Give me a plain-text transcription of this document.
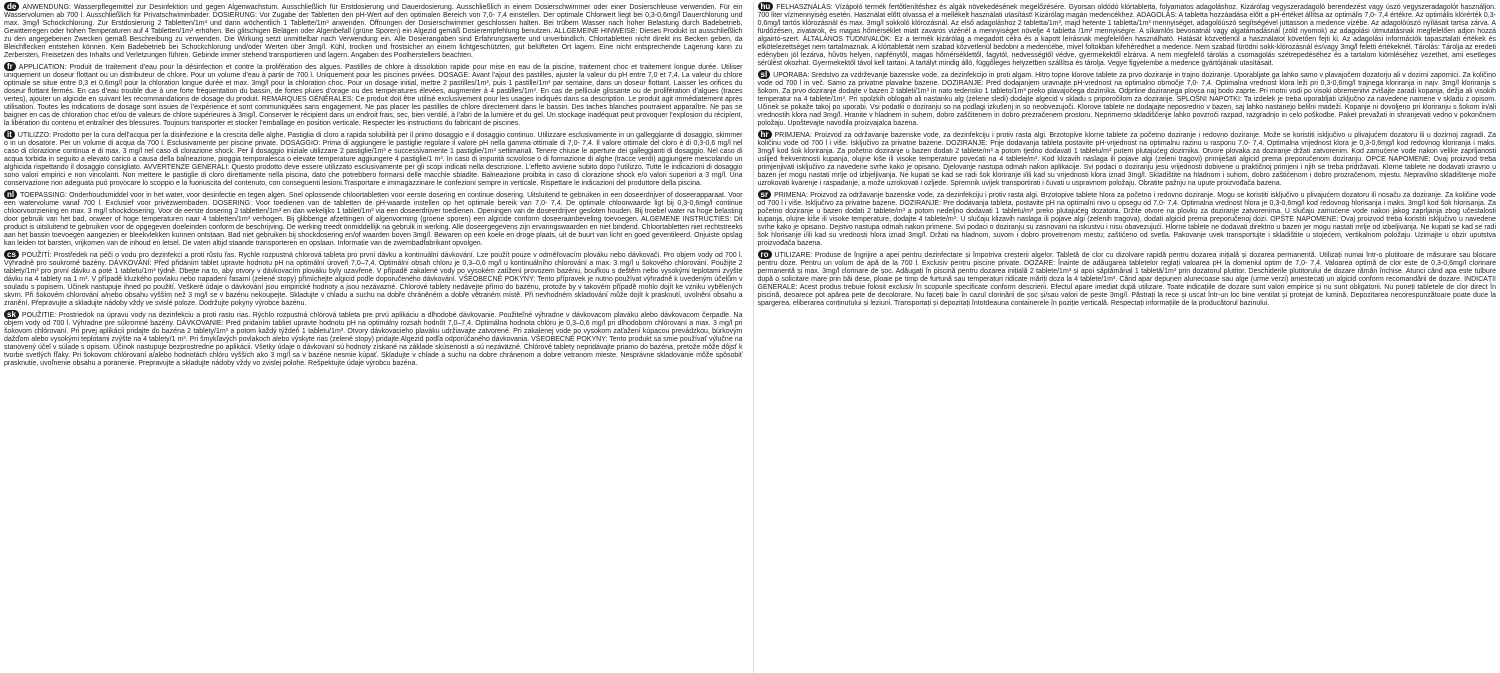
de ANWENDUNG: Wasserpflegemittel zur Desinfektion und gegen Algenwachstum. Ausschließlich für Erstdosierung und Dauerdosierung. Ausschließlich in einem Dosierschwimmer oder einer Dosierschleuse verwenden. Für ein Wasservolumen ab 700 l. Ausschließlich für Privatschwimmbäder. DOSIERUNG: Vor Zugabe der Tabletten den pH-Wert auf den optimalen Bereich von 7,0- 7,4 einstellen. Der optimale Chlorwert liegt bei 0,3-0,6mg/l Dauerchlorung und max. 3mg/l Schockchlorung. Zur Erstdosierung 2 Tabletten/1m³ und dann wöchentlich 1 Tablette/1m³ anwenden. Öffnungen der Dosierschwimmer geschlossen halten. Bei trübem Wasser nach hoher Belastung durch Badebetrieb, Gewitterregen oder hohen Temperaturen auf 4 Tabletten/1m³ erhöhen. Bei glitschigen Belägen oder Algenbefall (grüne Sporen) ein Algezid gemäß Dosierempfehlung benutzen. ALLGEMEINE HINWEISE: Dieses Produkt ist ausschließlich zu den angegebenen Zwecken gemäß Beschreibung zu verwenden. Die Wirkung setzt unmittelbar nach Verwendung ein. Alle Dosierangaben sind Erfahrungswerte und unverbindlich. Chlortabletten nicht direkt ins Becken geben, da Bleichflecken entstehen können. Kein Badebetrieb bei Schockchlorung und/oder Werten über 3mg/l. Kühl, trocken und frostsicher an einem lichtgeschützten, gut belüfteten Ort lagern. Eine nicht entsprechende Lagerung kann zu Zerbersten, Freisetzen des Inhalts und Verletzungen führen. Gebinde immer stehend transportieren und lagern. Angaben des Poolherstellers beachten.

fr APPLICATION: Produit de traitement d’eau pour la désinfection et contre la prolifération des algues. Pastilles de chlore à dissolution rapide pour mise en eau de la piscine, traitement choc et traitement longue durée. Utiliser uniquement un doseur flottant ou un distributeur de chlore. Pour un volume d’eau à partir de 700 l. Uniquement pour les piscines privées. DOSAGE: Avant l’ajout des pastilles, ajuster la valeur du pH entre 7,0 et 7,4. La valeur du chlore optimale se situe entre 0,3 et 0,6mg/l pour la chloration longue durée et max. 3mg/l pour la chloration choc. Pour un dosage initial, mettre 2 pastilles/1m³, puis 1 pastille/1m³ par semaine, dans un doseur flottant. Laisser les orifices du doseur flottant fermés. En cas d’eau trouble due à une forte fréquentation du bassin, de fortes pluies d’orage ou des températures élevées, augmenter à 4 pastilles/1m³. En cas de pellicule glissante ou de prolifération d’algues (traces vertes), ajouter un algicide en suivant les recommandations de dosage du produit. REMARQUES GÉNÉRALES: Ce produit doit être utilisé exclusivement pour les usages indiqués dans sa description. Le produit agit immédiatement après utilisation. Toutes les indications de dosage sont issues de l’expérience et sont communiquées sans engagement. Ne pas placer les pastilles de chlore directement dans le bassin. Des taches blanches pourraient apparaître. Ne pas se baigner en cas de chloration choc et/ou de valeurs de chlore supérieures à 3mg/l. Conserver le récipient dans un endroit frais, sec, bien ventilé, à l’abri de la lumière et du gel. Un stockage inadéquat peut provoquer l’explosion du récipient, la libération du contenu et entraîner des blessures. Toujours transporter et stocker l’emballage en position verticale. Respecter les instructions du fabricant de piscines.

it UTILIZZO: Prodotto per la cura dell’acqua per la disinfezione e la crescita delle alghe. Pastiglia di cloro a rapida solubilità per il primo dosaggio e il dosaggio continuo. Utilizzare esclusivamente in un galleggiante di dosaggio, skimmer o in un dosatore. Per un volume di acqua da 700 l. Esclusivamente per piscine private. DOSAGGIO: Prima di aggiungere le pastiglie regolare il valore pH nella gamma ottimale di 7,0- 7,4. Il valore ottimale del cloro è di 0,3-0,6 mg/l nel caso di clorazione continua e di max. 3 mg/l nel caso di clorazione shock. Per il dosaggio iniziale utilizzare 2 pastiglie/1m³ e successivamente 1 pastiglie/1m³ settimanali. Tenere chiuse le aperture dei galleggianti di dosaggio. Nel caso di acqua torbida in seguito a elevato carico a causa della balneazione, pioggia temporalesca o elevate temperature aggiungere 4 pastiglie/1 m³. In caso di impurità scivolose o di formazione di alghe (tracce verdi) aggiungere mescolando un alghicida rispettando il dosaggio consigliato. AVVERTENZE GENERALI: Questo prodotto deve essere utilizzato esclusivamente per gli scopi indicati nella descrizione. L’effetto avviene subito dopo l’utilizzo. Tutte le indicazioni di dosaggio sono valori empirici e non vincolanti. Non mettere le pastiglie di cloro direttamente nella piscina, dato che potrebbero formarsi delle macchie sbiadite. Balneazione proibita in caso di clorazione shock e/o valori superiori a 3 mg/l. Una conservazione non adeguata può provocare lo scoppio e la fuoriuscita del contenuto, con conseguenti lesioni.Trasportare e immagazzinare le confezioni sempre in verticale. Rispettare le indicazioni del produttore della piscina.

nl TOEPASSING: Onderhoudsmiddel voor in het water, voor desinfectie en tegen algen. Snel oplossende chloortabletten voor eerste dosering en continue dosering. Uitsluitend te gebruiken in een doseerdrijver of doseerapparaat. Voor een watervolume vanaf 700 l. Exclusief voor privézwembaden. DOSERING: Voor toedienen van de tabletten de pH-waarde instellen op het optimale bereik van 7,0- 7,4. De optimale chloorwaarde ligt bij 0,3-0,6mg/l continue chloorvoorziening en max. 3 mg/l shockdosering. Voor de eerste dosering 2 tabletten/1m³ en dan wekelijks 1 tablet/1m³ via een doseerdrijver toedienen. Openingen van de doseerdrijver gesloten houden. Bij troebel water na hoge belasting door gebruik van het bad, onweer of hoge temperaturen naar 4 tabletten/1m³ verhogen. Bij glibberige afzettingen of algenvorming (groene sporen) een algicide conform doseeraanbeveling toevoegen. ALGEMENE INSTRUCTIES: Dit product is uitsluitend te gebruiken voor de opgegeven doeleinden conform de beschrijving. De werking treedt onmiddellijk na gebruik in werking. Alle doseergegevens zijn ervaringswaarden en niet bindend. Chloortabletten niet rechtstreeks aan het bassin toevoegen aangezien er bleekvlekken kunnen ontstaan. Bad niet gebruiken bij shockdosering en/of waarden boven 3mg/l. Bewaren op een koele en droge plaats, uit de buurt van licht en goed geventileerd. Onjuiste opslag kan leiden tot barsten, vrijkomen van de inhoud en letsel. De vaten altijd staande transporteren en opslaan. Informatie van de zwembadfabrikant opvolgen.

cs POUŽITÍ: Prostředek na péči o vodu pro dezinfekci a proti růstu řas. Rychle rozpustná chlorová tableta pro první dávku a kontinuální dávkování. Lze použít pouze v odměřovacím plováku nebo dávkovači. Pro objem vody od 700 l. Výhradně pro soukromé bazény. DÁVKOVÁNÍ: Před přidáním tablet upravte hodnotu pH na optimální úroveň 7,0–7,4. Optimální obsah chloru je 0,3–0,6 mg/l u kontinuálního chlorování a max. 3 mg/l u šokového chlorování. Použijte 2 tablety/1m³ pro první dávku a poté 1 tabletu/1m³ týdně. Dbejte na to, aby otvory v dávkovacím plováku byly uzavřené. V případě zakalené vody po vysokém zatížení provozem bazénu, bouřkou s deštěm nebo vysokými teplotami zvyšte dávku na 4 tablety na 1 m³. V případě kluzkého povlaku nebo napadení řasami (zelené stopy) přimíchejte algicid podle doporučeného dávkování. VŠEOBECNÉ POKYNY: Tento přípravek je nutno používat výhradně k uvedeným účelům v souladu s popisem. Účinek nastupuje ihned po použití. Veškeré údaje o dávkování jsou empirické hodnoty a jsou nezávazné. Chlorové tablety nedávejte přímo do bazénu, protože by v takovém případě mohlo dojít ke vzniku vybělených skvrn. Při šokovém chlorování a/nebo obsahu vyšším než 3 mg/l se v bazénu nekoupejte. Skladujte v chladu a suchu na dobře chráněném a dobře větraném místě. Při nevhodném skladování může dojít k prasknutí, uvolnění obsahu a zranění. Přepravujte a skladujte nádoby vždy ve svislé poloze. Dodržujte pokyny výrobce bazénu.

sk POUŽITIE: Prostriedok na úpravu vody na dezinfekciu a proti rastu rias. Rýchlo rozpustná chlórová tableta pre prvú aplikáciu a dlhodobé dávkovanie. Použiteľné výhradne v dávkovacom plaváku alebo dávkovacom čerpadle. Na objem vody od 700 l. Výhradne pre súkromné bazény. DÁVKOVANIE: Pred pridaním tabliet upravte hodnotu pH na optimálny rozsah hodnôt 7,0–7,4. Optimálna hodnota chlóru je 0,3–0,6 mg/l pri dlhodobom chlórovaní a max. 3 mg/l pri šokovom chlórovaní. Pri prvej aplikácii pridajte do bazéna 2 tablety/1m³ a potom každý týždeň 1 tabletu/1m³. Otvory dávkovacieho plaváku udržiavajte zatvorené. Pri zakalenej vode po vysokom zaťažení kúpacou prevádzkou, búrkovým dažďom alebo vysokými teplotami zvýšte na 4 tablety/1 m³. Pri šmykľavých povlakoch alebo výskyte rias (zelené stopy) pridajte Algezid podľa odporúčaného dávkovania. VŠEOBECNÉ POKYNY: Tento produkt sa smie používať výlučne na stanovený účel v súlade s opisom. Účinok nastupuje bezprostredne po aplikácii. Všetky údaje o dávkovaní sú hodnoty získané na základe skúseností a sú nezáväzné. Chlórové tablety nepridávajte priamo do bazéna, pretože môže dôjsť k tvorbe svetlých fľaky. Pri šokovom chlórovaní a/alebo hodnotách chlóru vyšších ako 3 mg/l sa v bazéne nesmie kúpať. Skladujte v chlade a suchu na dobre chránenom a dobre vetranom mieste. Nesprávne skladovanie môže spôsobiť prasknutie, uvoľnenie obsahu a poranenie. Prepravujte a skladujte nádoby vždy vo zvislej polohe. Rešpektujte údaje výrobcu bazéna.

hu FELHASZNÁLÁS: Vízápoló termék fertőtlenítéshez és algák növekedésének megelőzésére. Gyorsan oldódó klórtabletta, folyamatos adagoláshoz. Kizárólag vegyszeradagoló berendezést vagy úszó vegyszeradagolót használjon. 700 liter vízmennyiség esetén. Használat előtt olvassa el a mellékelt használati utasítást! Kizárólag magán medencékhez. ADAGOLÁS: A tabletta hozzáadása előtt a pH-értéket állítsa az optimális 7,0- 7,4 értékre. Az optimális klórérték 0,3-0,6mg/l tartós klórozásnál és max. 3mg/l sokkoló klórozásnál. Az első adagoláshoz 2 tabletta/1m³, majd hetente 1 tabletta/1m³ mennyiséget, adagolóúszó segítségével juttasson a medence vizébe. Az adagolóúszó nyílásait tartsa zárva. A fürdőzésen, zivatarok, és magas hőmérséklet miatt zavaros vizénél a mennyiséget növelje 4 tabletta /1m³ mennyiségre. A síkamlós bevonatnál vagy algatámadásnál (zöld nyomok) az adagolási útmutatásnak megfelelően adjon hozzá algairtó-szert. ÁLTALÁNOS TUDNIVALÓK: Ez a termék kizárólag a megadott célra és a kapott leírásnak megfelelően használható. Hatását közvetlenül a használatot követően fejti ki. Az adagolási információk tapasztalati értékek és elkötelezettséget nem tartalmaznak. A klórtablettát nem szabad közvetlenül bedobni a medencébe, mivel foltokban kifehéredhet a medence. Nem szabad fürödni sokk-klórozásnál és/vagy 3mg/l feletti értékeknél. Tárolás: Tárolja az eredeti edényben jól lezárva, hűvös helyen, napfénytől, magas hőmérséklettől, fagytól, nedvességtől védve, gyermekektől elzárva. A nem megfelelő tárolás a csomagolás szétrepedéséhez és a tartalom kiömléséhez vezethet, ami esetleges sérülést okozhat. Gyermekektől távol kell tartani. A tartályt mindig álló, függőleges helyzetben szállítsa és tárolja. Vegye figyelembe a medence gyártójának utasításait.

sl UPORABA: Sredstvo za vzdrževanje bazenske vode, za dezinfekcijo in proti algam. Hitro topne klorove tablete za prvo doziranje in trajno doziranje. Uporabljate ga lahko samo v plavajočem dozatorju ali v dozirni zapornici. Za količino vode od 700 l in več. Samo za privatne plavalne bazene. DOZIRANJE: Pred dodajanjem uravnajte pH-vrednost na optimalno območje 7,0- 7,4. Optimalna vrednost klora leži pri 0,3-0,6mg/l trajnega kloriranja in najv. 3mg/l kloriranja s šokom. Za prvo doziranje dodajte v bazen 2 tableti/1m³ in nato tedensko 1 tableto/1m³ preko plavajočega dozirnika. Odprtine doziranega plovca naj bodo zaprte. Pri motni vodi po visoki obremenitvi zvišajte zaradi kopanja, dežja ali visokih temperatur na 4 tablete/1m³. Pri spolzkih oblogah ali nastanku alg (zelene sledi) dodajte algecid v skladu s priporočilom za doziranje. SPLOŠNI NAPOTKI: Ta izdelek je treba uporabljati izključno za navedene namene v skladu z opisom. Učinek se pokaže takoj po uporabi. Vsi podatki o doziranju so na podlagi izkušenj in so neobvezujoči. Klorove tablete ne dodajajte neposredno v bazen, saj lahko nastanejo belilni madeži. Kopanje ni dovoljeno pri kloriranju s šokom in/ali vrednostih klora nad 3mg/l. Hranite v hladnem in suhem, dobro zaščitenem in dobro prezračenem prostoru. Neprimerno skladiščenje lahko povzroči razpad, razgradnjo in celo poškodbe. Paket prevažati in shranjevati vedno v pokončnem položaju. Upoštevajte navodila proizvajalca bazena.

hr PRIMJENA: Proizvod za održavanje bazenske vode, za dezinfekciju i protiv rasta algi. Brzotopive klorne tablete za početno doziranje i redovno doziranje. Može se koristiti isključivo u plivajućem dozatoru ili u dozirnoj zagradi. Za količinu vode od 700 l i više. Isključivo za privatne bazene. DOZIRANJE: Prije dodavanja tableta postavite pH-vrijednost na optimalnu razinu u rasponu 7,0- 7,4. Optimalna vrijednost klora je 0,3-0,6mg/l kod redovnog kloriranja i maks. 3mg/l kod šok kloriranja. Za početno doziranje u bazen dodati 2 tablete/m³ a potom tjedno dodavati 1 tabletu/m³ putem plutajućeg dozirnika. Otvore plovaka za doziranje držati zatvorenim. Kod zamućene vode nakon velike zaprljanosti uslijed frekventnosti kupanja, olujne kiše ili visoke temperature povećati na 4 tablete/m³. Kod klizavih naslaga ili pojave algi (zeleni tragovi) primiješati algicid prema preporučenom doziranju. OPĆE NAPOMENE: Ovaj proizvod treba primjenjivati isključivo za navedene svrhe kako je opisano. Djelovanje nastupa odmah nakon aplikacije. Svi podaci o doziranju jesu vrijednosti dobivene u praktičnoj primjeni i njih se treba pridržavati. Klorne tablete ne dodavati izravno u bazen jer mogu nastati mrlje od izbjeljivanja. Ne kupati se kad se radi šok kloriranje i/ili kad su vrijednosti klora iznad 3mg/l. Skladištite na hladnom i suhom, dobro zaštićenom i dobro prozračenom, mjestu. Nepravilno skladištenje može uzrokovati kvarenje i raspadanje, a može uzrokovati i ozljede. Spremnik uvijek transportirati i čuvati u uspravnom položaju. Obratite pažnju na upute proizvođača bazena.

sr PRIMENA: Proizvod za održavanje bazenske vode, za dezinfekciju i protiv rasta algi. Brzotopive tablete hlora za početno i redovno doziranje. Mogu se koristiti isključivo u plivajućem dozatoru ili nosaču za doziranje. Za količine vode od 700 l i više. Isključivo za privatne bazene. DOZIRANJE: Pre dodavanja tableta, postavite pH na optimalni nivo u opsegu od 7,0- 7,4. Optimalna vrednost hlora je 0,3-0,6mg/l kod redovnog hlorisanja i maks. 3mg/l kod šok hlorisanja. Za početno doziranje u bazen dodati 2 tablete/m³ a potom nedeljno dodavati 1 tabletu/m³ preko plutajućeg dozatora. Držite otvore na plovku za doziranje zatvorenima. U slučaju zamućene vode nakon jakog zaprljanja zbog učestalosti kupanja, olujne kiše ili visoke temperature, dodajte 4 tablete/m³. U slučaju klizavih naslaga ili pojave algi (zelenih tragova), dodati algicid prema preporučenoj dozi. OPŠTE NAPOMENE: Ovaj proizvod treba koristiti isključivo u navedene svrhe kako je opisano. Dejstvo nastupa odmah nakon primene. Svi podaci o doziranju su zasnovani na iskustvu i nisu obavezujući. Hlorne tablete ne dodavati direktno u bazen jer mogu nastati mrlje od izbeljivanja. Ne kupati se kad se radi šok hlorisanje i/ili kad su vrednosti hlora iznad 3mg/l. Držati na hladnom, suvom i dobro provetrenom mestu; zaštićeno od svetla. Pakovanje uvek transportujte i skladištite u stojećem, vertikalnom položaju. Uzimajte u obzir uputstva proizvođača bazena.

ro UTILIZARE: Produse de îngrijire a apei pentru dezinfectare și împotriva creșterii algelor. Tabletă de clor cu dizolvare rapidă pentru dozarea inițială și dozarea permanentă. Utilizați numai într-o plutitoare de măsurare sau blocare pentru doze. Pentru un volum de apă de la 700 l. Exclusiv pentru piscine private. DOZARE: Înainte de adăugarea tabletelor reglați valoarea pH la domeniul optim de 7,0- 7,4. Valoarea optimă de clor este de 0,3-0,6mg/l clorinare permanentă și max. 3mg/l clorinare de șoc. Adăugați în piscină pentru dozarea inițială 2 tablete/1m³ și apoi săptămânal 1 tabletă/1m³ prin dozatorul plutitor. Deschiderile plutitorului de dozare rămân închise. Atunci când apa este tulbure după o solicitare mare prin băi dese, ploaie pe timp de furtună sau temperaturi ridicate măriți doza la 4 tablete/1m³. Când apar depuneri alunecoase sau alge (urme verzi) amestecați un algicid conform recomandării de dozare. INDICAȚII GENERALE: Acest produs trebuie folosit exclusiv în scopurile specificate conform descrierii. Efectul apare imediat după utilizare. Toate indicațiile de dozare sunt valori empirice și nu sunt obligatorii. Nu puneți tabletele de clor direct în piscină, deoarece pot apărea pete de decolorare. Nu faceți baie în cazul clorinării de șoc și/sau valori de peste 3mg/l. Păstrați la rece și uscat într-un loc bine ventilat și protejat de lumină. Depozitarea necorespunzătoare poate duce la spargerea, eliberarea conținutului și leziuni. Transportați și depozitați întotdeauna containerele în poziție verticală. Respectați informațiile de la producătorul bazinului.
